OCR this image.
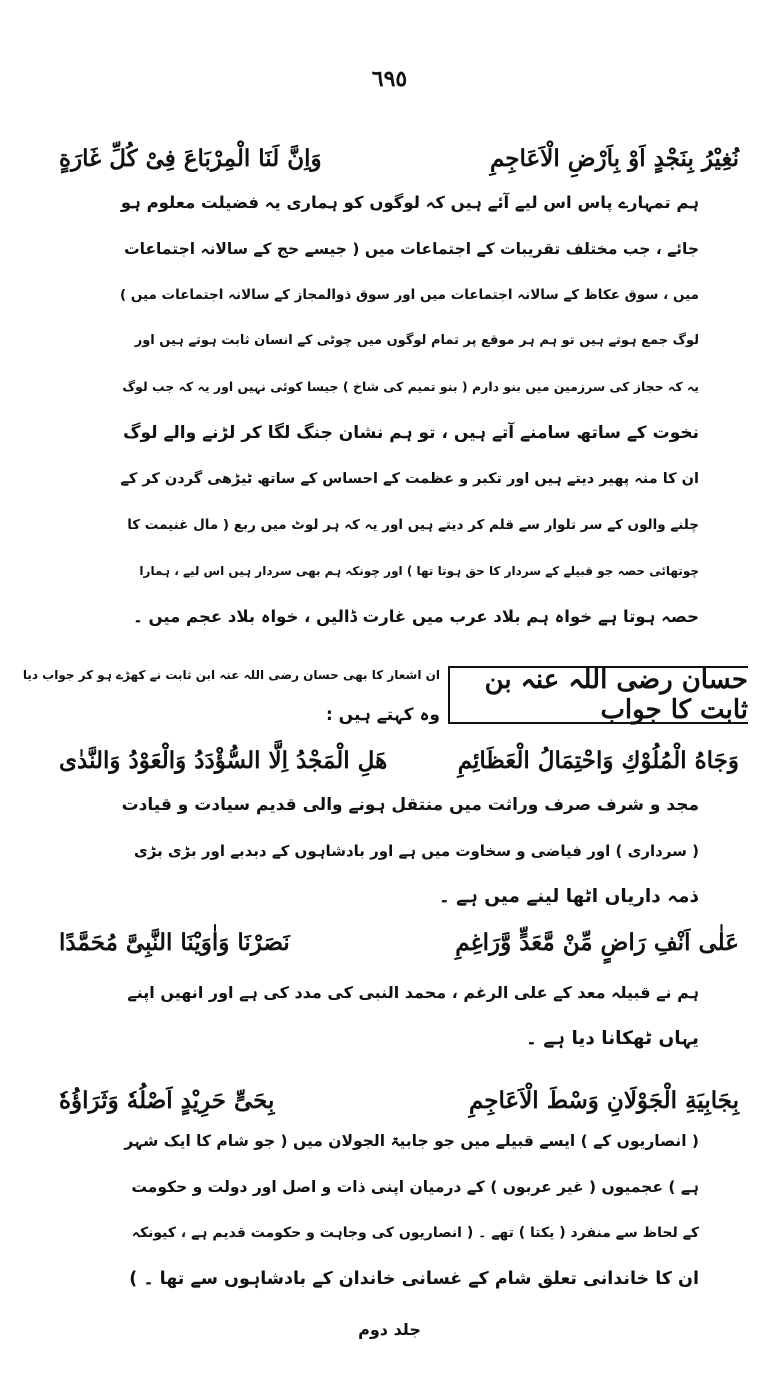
٦٩٥
وَاِنَّ لَنَا الْمِرْبَاعَ فِیْ كُلِّ غَارَةٍ	نُغِیْرُ بِنَجْدٍ اَوْ بِاَرْضِ الْاَعَاجِمِ
ہم تمہارے پاس اس لیے آئے ہیں کہ لوگوں کو ہماری یہ فضیلت معلوم ہو
جائے ، جب مختلف تقریبات کے اجتماعات میں ( جیسے حج کے سالانہ اجتماعات
میں ، سوق عکاظ کے سالانہ اجتماعات میں اور سوق ذوالمجاز کے سالانہ اجتماعات میں )
لوگ جمع ہوتے ہیں تو ہم ہر موقع پر تمام لوگوں میں چوٹی کے انسان ثابت ہوتے ہیں اور
یہ کہ حجاز کی سرزمین میں بنو دارم ( بنو تمیم کی شاخ ) جیسا کوئی نہیں اور یہ کہ جب لوگ
نخوت کے ساتھ سامنے آتے ہیں ، تو ہم نشان جنگ لگا کر لڑنے والے لوگ
ان کا منہ پھیر دیتے ہیں اور تکبر و عظمت کے احساس کے ساتھ ٹیڑھی گردن کر کے
چلنے والوں کے سر تلوار سے قلم کر دیتے ہیں اور یہ کہ ہر لوٹ میں ربع ( مال غنیمت کا
چوتھائی حصہ جو قبیلے کے سردار کا حق ہوتا تھا ) اور چونکہ ہم بھی سردار ہیں اس لیے ، ہمارا
حصہ ہوتا ہے خواہ ہم بلاد عرب میں غارت ڈالیں ، خواہ بلاد عجم میں ۔
حسان رضی اللہ عنہ بن ثابت کا جواب
ان اشعار کا بھی حسان رضی اللہ عنہ ابن ثابت نے کھڑے ہو کر جواب دیا
وہ کہتے ہیں :
هَلِ الْمَجْدُ اِلَّا السُّؤْدَدُ وَالْعَوْدُ وَالنَّدٰی	وَجَاهُ الْمُلُوْكِ وَاحْتِمَالُ الْعَظَائِمِ
مجد و شرف صرف وراثت میں منتقل ہونے والی قدیم سیادت و قیادت
( سرداری ) اور فیاضی و سخاوت میں ہے اور بادشاہوں کے دبدبے اور بڑی بڑی
ذمہ داریاں اٹھا لینے میں ہے ۔
نَصَرْنَا وَاٰوَیْنَا النَّبِیَّ مُحَمَّدًا	عَلٰی اَنْفِ رَاضٍ مِّنْ مَّعَدٍّ وَّرَاغِمِ
ہم نے قبیلہ معد کے علی الرغم ، محمد النبی کی مدد کی ہے اور انھیں اپنے
یہاں ٹھکانا دیا ہے ۔
بِحَیٍّ حَرِیْدٍ اَصْلُهٗ وَثَرَاؤُهٗ	بِجَابِیَةِ الْجَوْلَانِ وَسْطَ الْاَعَاجِمِ
( انصاریوں کے ) ایسے قبیلے میں جو جابیۃ الجولان میں ( جو شام کا ایک شہر
ہے ) عجمیوں ( غیر عربوں ) کے درمیان اپنی ذات و اصل اور دولت و حکومت
کے لحاظ سے منفرد ( یکتا ) تھے ۔ ( انصاریوں کی وجاہت و حکومت قدیم ہے ، کیونکہ
ان کا خاندانی تعلق شام کے غسانی خاندان کے بادشاہوں سے تھا ۔ )
جلد دوم
